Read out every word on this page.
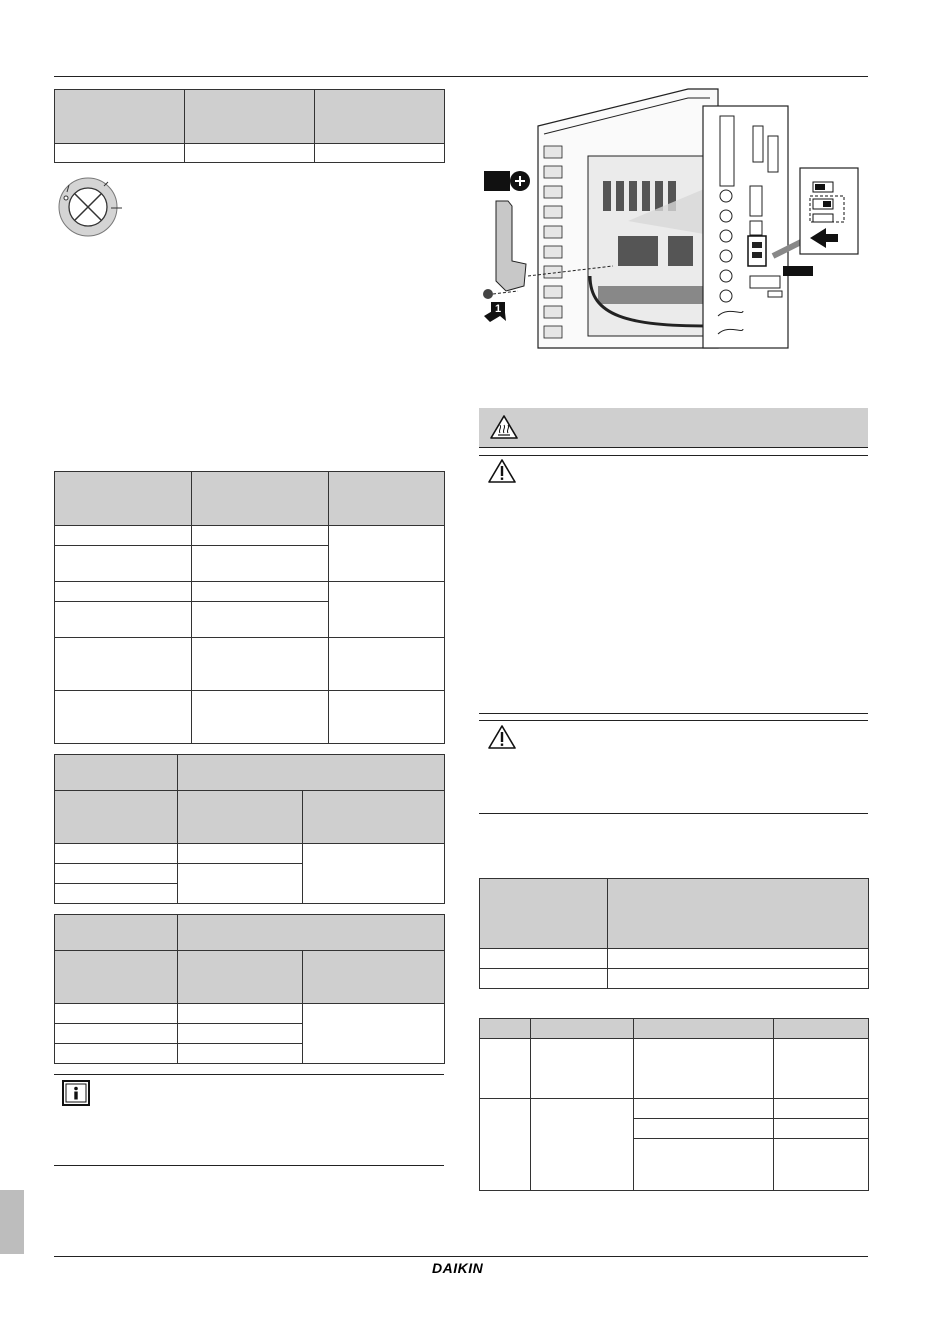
1

DAIKIN
